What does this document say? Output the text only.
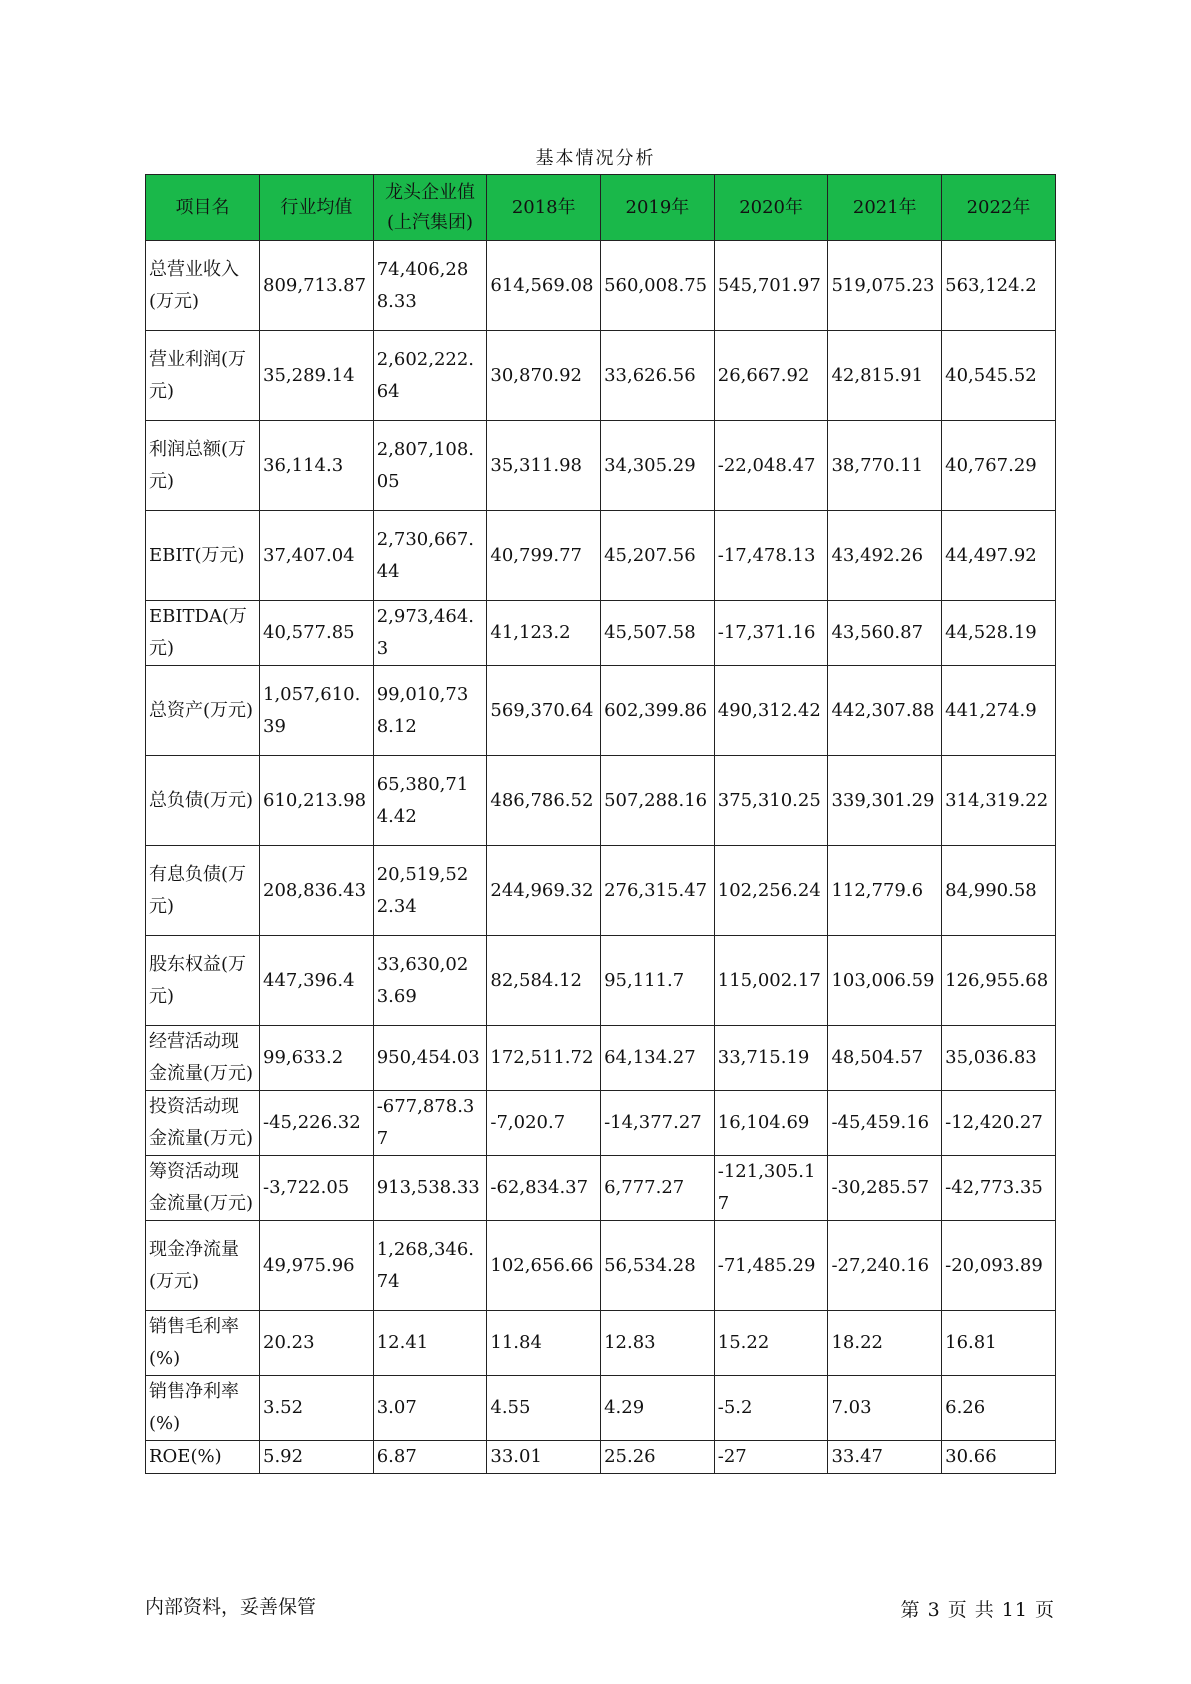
基本情况分析
项目名	行业均值	龙头企业值(上汽集团)	2018年	2019年	2020年	2021年	2022年
总营业收入(万元)	809,713.87	74,406,288.33	614,569.08	560,008.75	545,701.97	519,075.23	563,124.2
营业利润(万元)	35,289.14	2,602,222.64	30,870.92	33,626.56	26,667.92	42,815.91	40,545.52
利润总额(万元)	36,114.3	2,807,108.05	35,311.98	34,305.29	-22,048.47	38,770.11	40,767.29
EBIT(万元)	37,407.04	2,730,667.44	40,799.77	45,207.56	-17,478.13	43,492.26	44,497.92
EBITDA(万元)	40,577.85	2,973,464.3	41,123.2	45,507.58	-17,371.16	43,560.87	44,528.19
总资产(万元)	1,057,610.39	99,010,738.12	569,370.64	602,399.86	490,312.42	442,307.88	441,274.9
总负债(万元)	610,213.98	65,380,714.42	486,786.52	507,288.16	375,310.25	339,301.29	314,319.22
有息负债(万元)	208,836.43	20,519,522.34	244,969.32	276,315.47	102,256.24	112,779.6	84,990.58
股东权益(万元)	447,396.4	33,630,023.69	82,584.12	95,111.7	115,002.17	103,006.59	126,955.68
经营活动现金流量(万元)	99,633.2	950,454.03	172,511.72	64,134.27	33,715.19	48,504.57	35,036.83
投资活动现金流量(万元)	-45,226.32	-677,878.37	-7,020.7	-14,377.27	16,104.69	-45,459.16	-12,420.27
筹资活动现金流量(万元)	-3,722.05	913,538.33	-62,834.37	6,777.27	-121,305.17	-30,285.57	-42,773.35
现金净流量(万元)	49,975.96	1,268,346.74	102,656.66	56,534.28	-71,485.29	-27,240.16	-20,093.89
销售毛利率(%)	20.23	12.41	11.84	12.83	15.22	18.22	16.81
销售净利率(%)	3.52	3.07	4.55	4.29	-5.2	7.03	6.26
ROE(%)	5.92	6.87	33.01	25.26	-27	33.47	30.66
内部资料，妥善保管	第 3 页 共 11 页
